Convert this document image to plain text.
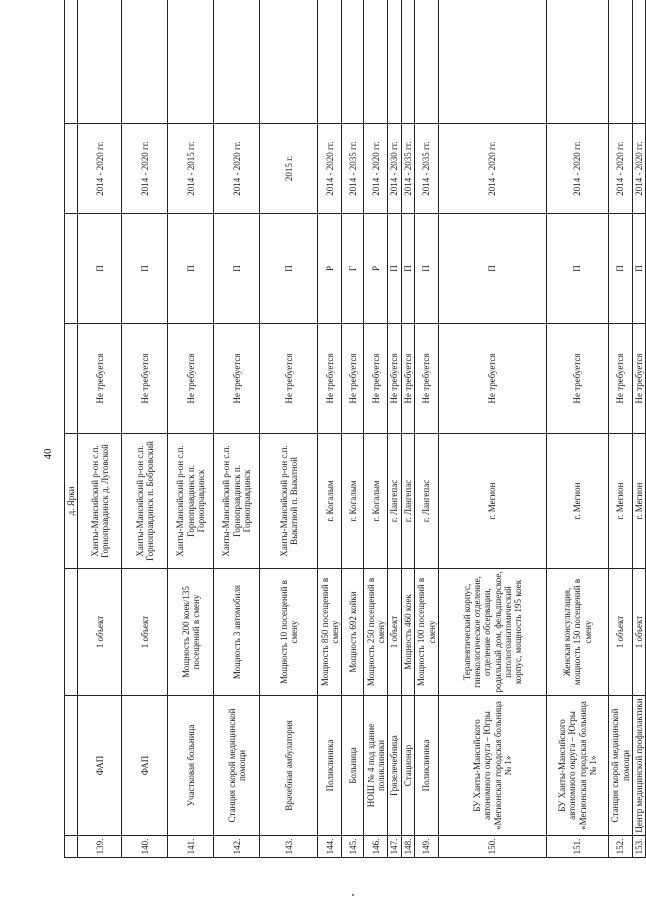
40
			д. Ярки				
139.	ФАП	1 объект	Ханты-Мансийский р-он с.п. Горноправдинск д. Луговской	Не требуется	П	2014 - 2020 гг.	
140.	ФАП	1 объект	Ханты-Мансийский р-он с.п. Горноправдинск п. Бобровский	Не требуется	П	2014 - 2020 гг.	
141.	Участковая больница	Мощность 200 коек/135 посещений в смену	Ханты-Мансийский р-он с.п. Горноправдинск п. Горноправдинск	Не требуется	П	2014 - 2015 гг.	
142.	Станция скорой медицинской помощи	Мощность 3 автомобиля	Ханты-Мансийский р-он с.п. Горноправдинск п. Горноправдинск	Не требуется	П	2014 - 2020 гг.	
143.	Врачебная амбулатория	Мощность 10 посещений в смену	Ханты-Мансийский р-он с.п. Выкатной п. Выкатной	Не требуется	П	2015 г.	
144.	Поликлиника	Мощность 850 посещений в смену	г. Когалым	Не требуется	Р	2014 - 2020 гг.	
145.	Больница	Мощность 692 койки	г. Когалым	Не требуется	Г	2014 - 2035 гг.	
146.	НОШ № 4 под здание поликлиники	Мощность 250 посещений в смену	г. Когалым	Не требуется	Р	2014 - 2020 гг.	
147.	Грязелечебница	1 объект	г. Лангепас	Не требуется	П	2014 - 2030 гг.	
148.	Стационар	Мощность 460 коек	г. Лангепас	Не требуется	П	2014 - 2035 гг.	
149.	Поликлиника	Мощность 100 посещений в смену	г. Лангепас	Не требуется	П	2014 - 2035 гг.	
150.	БУ Ханты-Мансийского автономного округа – Югры «Мегионская городская больница № 1»	Терапевтический корпус, гинекологическое отделение, отделение обсервации, родильный дом, фельдшерское, патологоанатомический корпус, мощность 195 коек	г. Мегион	Не требуется	П	2014 - 2020 гг.	
151.	БУ Ханты-Мансийского автономного округа – Югры «Мегионская городская больница № 1»	Женская консультация, мощность 150 посещений в смену	г. Мегион	Не требуется	П	2014 - 2020 гг.	
152.	Станция скорой медицинской помощи	1 объект	г. Мегион	Не требуется	П	2014 - 2020 гг.	
153.	Центр медицинской профилактики	1 объект	г. Мегион	Не требуется	П	2014 - 2020 гг.	
